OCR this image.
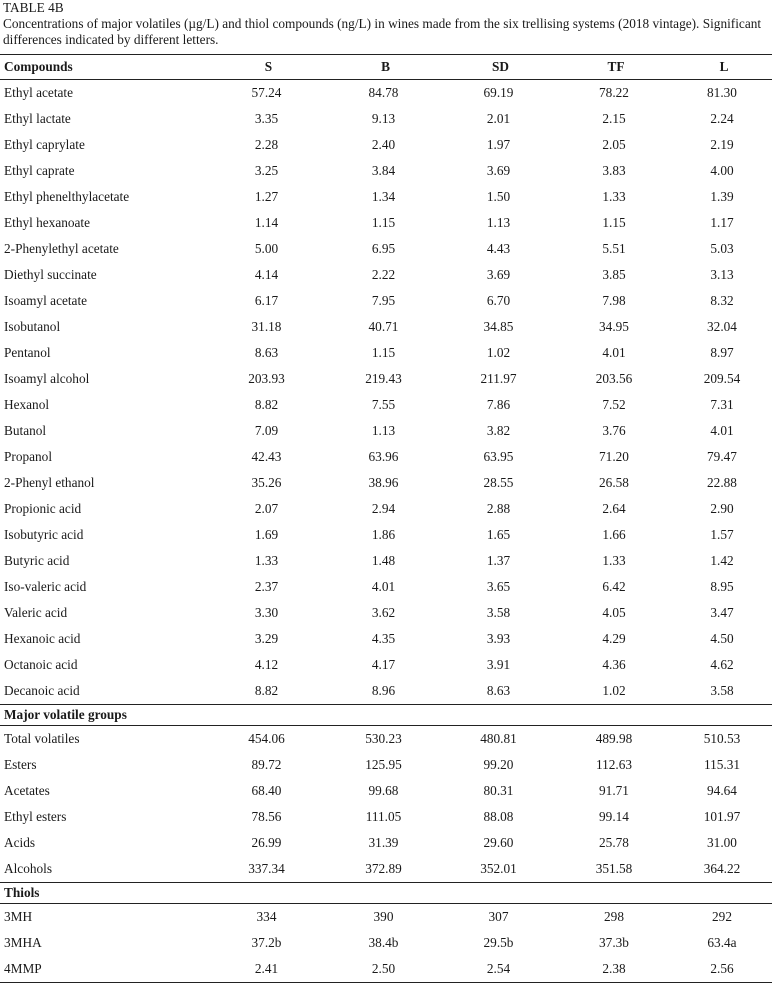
TABLE 4B
Concentrations of major volatiles (µg/L) and thiol compounds (ng/L) in wines made from the six trellising systems (2018 vintage). Significant differences indicated by different letters.
Compounds	S	B	SD	TF	L
Ethyl acetate	57.24	84.78	69.19	78.22	81.30
Ethyl lactate	3.35	9.13	2.01	2.15	2.24
Ethyl caprylate	2.28	2.40	1.97	2.05	2.19
Ethyl caprate	3.25	3.84	3.69	3.83	4.00
Ethyl phenelthylacetate	1.27	1.34	1.50	1.33	1.39
Ethyl hexanoate	1.14	1.15	1.13	1.15	1.17
2-Phenylethyl acetate	5.00	6.95	4.43	5.51	5.03
Diethyl succinate	4.14	2.22	3.69	3.85	3.13
Isoamyl acetate	6.17	7.95	6.70	7.98	8.32
Isobutanol	31.18	40.71	34.85	34.95	32.04
Pentanol	8.63	1.15	1.02	4.01	8.97
Isoamyl alcohol	203.93	219.43	211.97	203.56	209.54
Hexanol	8.82	7.55	7.86	7.52	7.31
Butanol	7.09	1.13	3.82	3.76	4.01
Propanol	42.43	63.96	63.95	71.20	79.47
2-Phenyl ethanol	35.26	38.96	28.55	26.58	22.88
Propionic acid	2.07	2.94	2.88	2.64	2.90
Isobutyric acid	1.69	1.86	1.65	1.66	1.57
Butyric acid	1.33	1.48	1.37	1.33	1.42
Iso-valeric acid	2.37	4.01	3.65	6.42	8.95
Valeric acid	3.30	3.62	3.58	4.05	3.47
Hexanoic acid	3.29	4.35	3.93	4.29	4.50
Octanoic acid	4.12	4.17	3.91	4.36	4.62
Decanoic acid	8.82	8.96	8.63	1.02	3.58
Major volatile groups					
Total volatiles	454.06	530.23	480.81	489.98	510.53
Esters	89.72	125.95	99.20	112.63	115.31
Acetates	68.40	99.68	80.31	91.71	94.64
Ethyl esters	78.56	111.05	88.08	99.14	101.97
Acids	26.99	31.39	29.60	25.78	31.00
Alcohols	337.34	372.89	352.01	351.58	364.22
Thiols					
3MH	334	390	307	298	292
3MHA	37.2b	38.4b	29.5b	37.3b	63.4a
4MMP	2.41	2.50	2.54	2.38	2.56
